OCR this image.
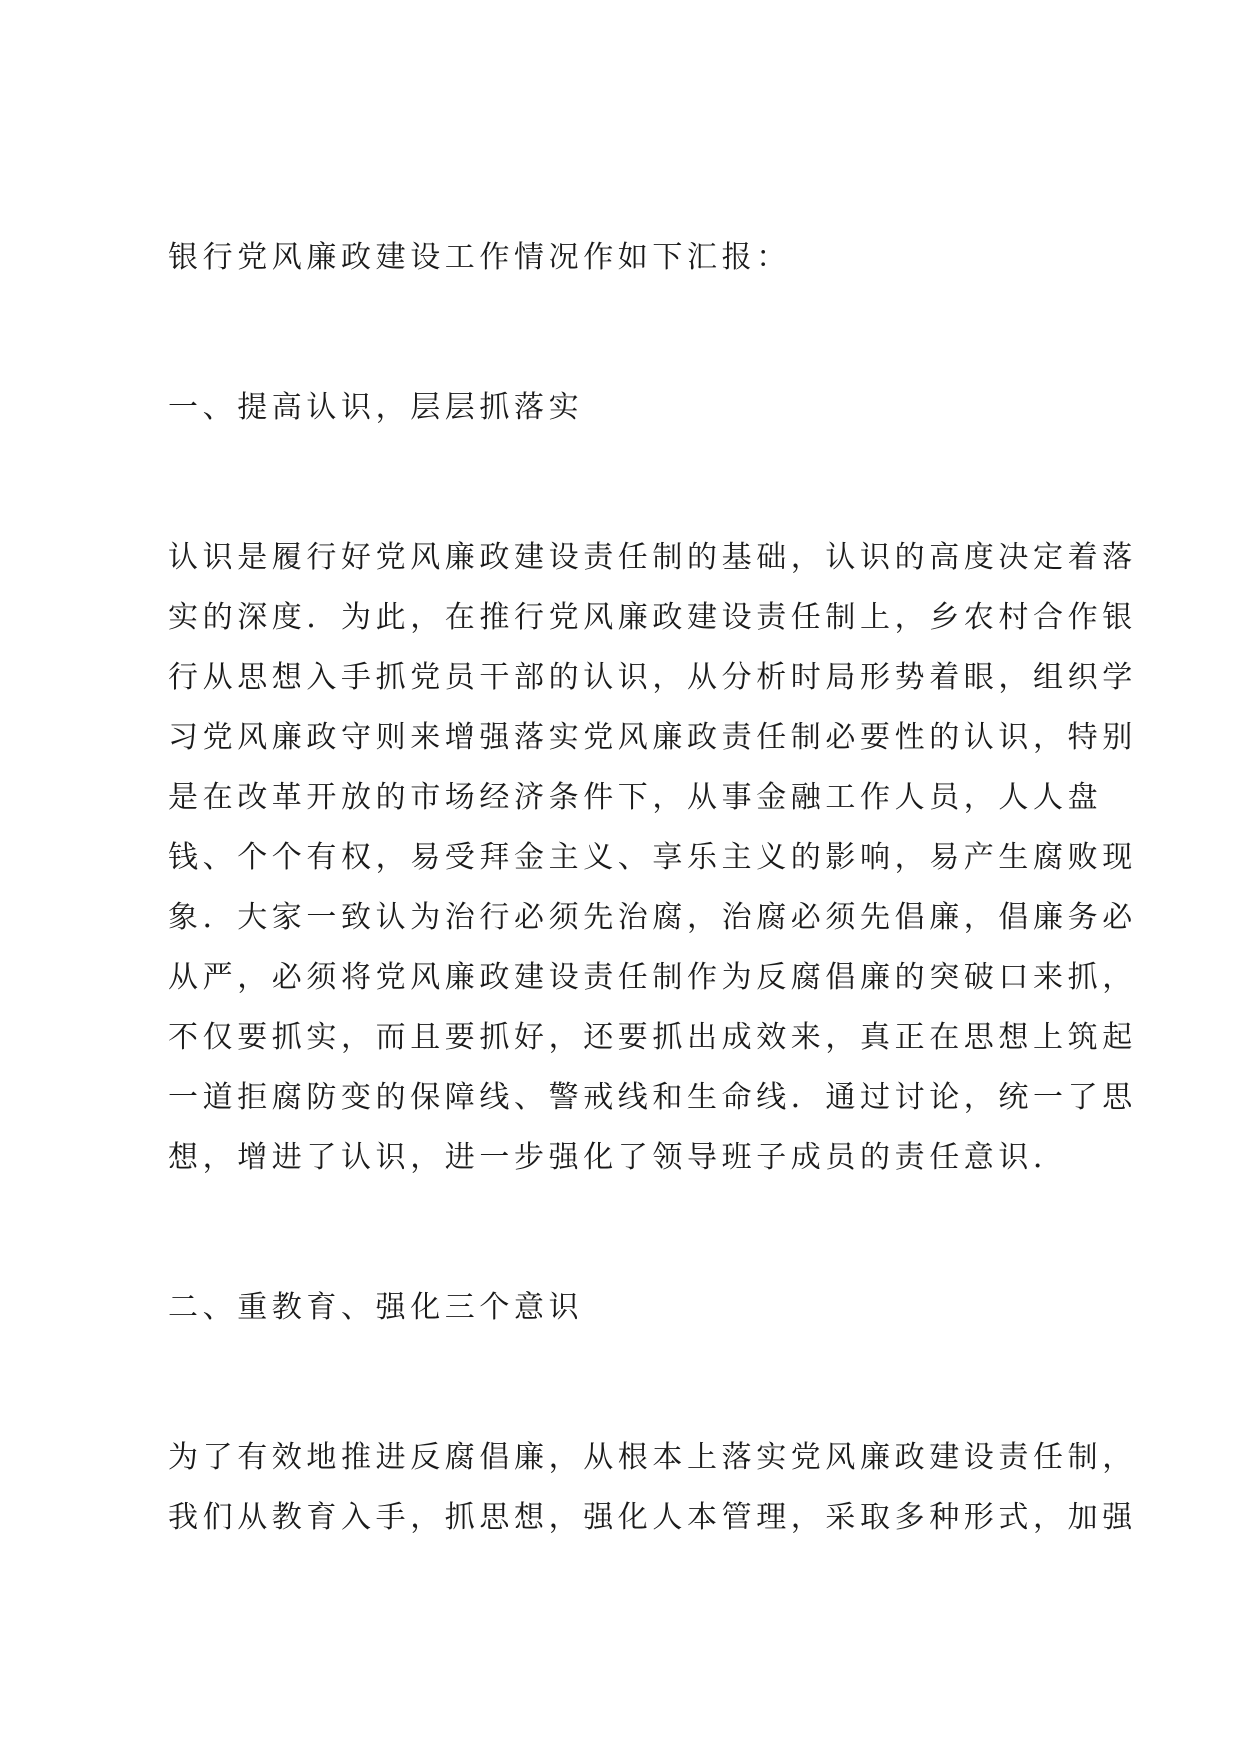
银行党风廉政建设工作情况作如下汇报：
一、提高认识，层层抓落实
认识是履行好党风廉政建设责任制的基础，认识的高度决定着落
实的深度．为此，在推行党风廉政建设责任制上，乡农村合作银
行从思想入手抓党员干部的认识，从分析时局形势着眼，组织学
习党风廉政守则来增强落实党风廉政责任制必要性的认识，特别
是在改革开放的市场经济条件下，从事金融工作人员，人人盘
钱、个个有权，易受拜金主义、享乐主义的影响，易产生腐败现
象．大家一致认为治行必须先治腐，治腐必须先倡廉，倡廉务必
从严，必须将党风廉政建设责任制作为反腐倡廉的突破口来抓，
不仅要抓实，而且要抓好，还要抓出成效来，真正在思想上筑起
一道拒腐防变的保障线、警戒线和生命线．通过讨论，统一了思
想，增进了认识，进一步强化了领导班子成员的责任意识．
二、重教育、强化三个意识
为了有效地推进反腐倡廉，从根本上落实党风廉政建设责任制，
我们从教育入手，抓思想，强化人本管理，采取多种形式，加强
